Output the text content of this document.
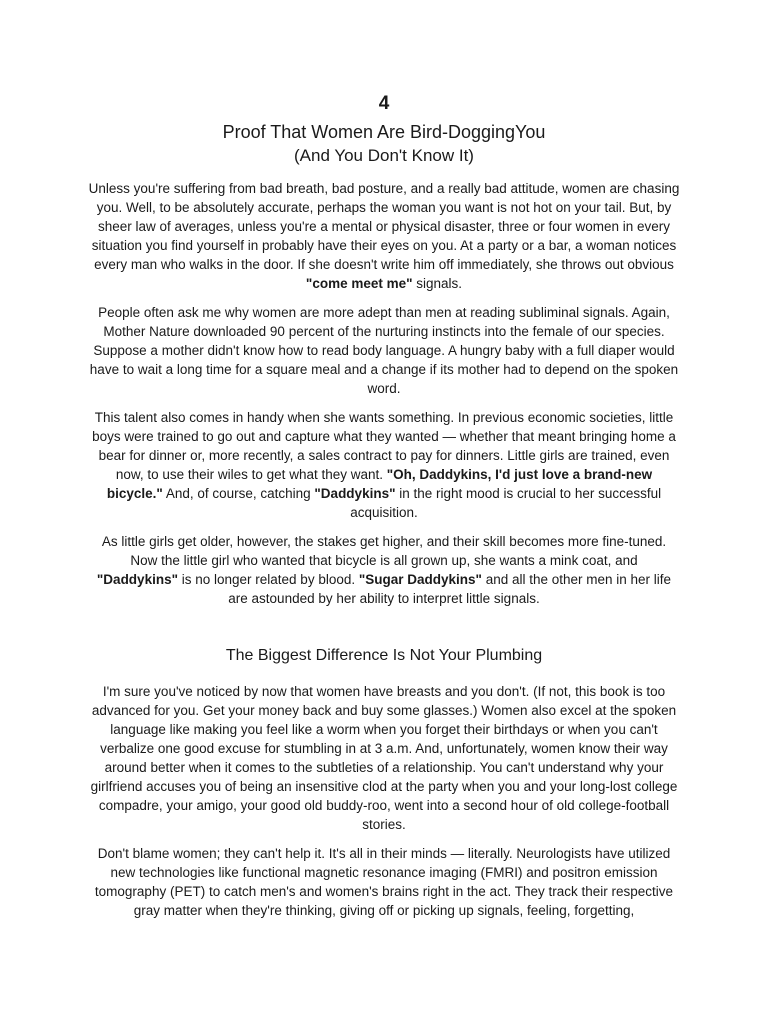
4
Proof That Women Are Bird-DoggingYou
(And You Don't Know It)

Unless you're suffering from bad breath, bad posture, and a really bad attitude, women are chasing you. Well, to be absolutely accurate, perhaps the woman you want is not hot on your tail. But, by sheer law of averages, unless you're a mental or physical disaster, three or four women in every situation you find yourself in probably have their eyes on you. At a party or a bar, a woman notices every man who walks in the door. If she doesn't write him off immediately, she throws out obvious "come meet me" signals.

People often ask me why women are more adept than men at reading subliminal signals. Again, Mother Nature downloaded 90 percent of the nurturing instincts into the female of our species. Suppose a mother didn't know how to read body language. A hungry baby with a full diaper would have to wait a long time for a square meal and a change if its mother had to depend on the spoken word.

This talent also comes in handy when she wants something. In previous economic societies, little boys were trained to go out and capture what they wanted — whether that meant bringing home a bear for dinner or, more recently, a sales contract to pay for dinners. Little girls are trained, even now, to use their wiles to get what they want. "Oh, Daddykins, I'd just love a brand-new bicycle." And, of course, catching "Daddykins" in the right mood is crucial to her successful acquisition.

As little girls get older, however, the stakes get higher, and their skill becomes more fine-tuned. Now the little girl who wanted that bicycle is all grown up, she wants a mink coat, and "Daddykins" is no longer related by blood. "Sugar Daddykins" and all the other men in her life are astounded by her ability to interpret little signals.

The Biggest Difference Is Not Your Plumbing

I'm sure you've noticed by now that women have breasts and you don't. (If not, this book is too advanced for you. Get your money back and buy some glasses.) Women also excel at the spoken language like making you feel like a worm when you forget their birthdays or when you can't verbalize one good excuse for stumbling in at 3 a.m. And, unfortunately, women know their way around better when it comes to the subtleties of a relationship. You can't understand why your girlfriend accuses you of being an insensitive clod at the party when you and your long-lost college compadre, your amigo, your good old buddy-roo, went into a second hour of old college-football stories.

Don't blame women; they can't help it. It's all in their minds — literally. Neurologists have utilized new technologies like functional magnetic resonance imaging (FMRI) and positron emission tomography (PET) to catch men's and women's brains right in the act. They track their respective gray matter when they're thinking, giving off or picking up signals, feeling, forgetting,
